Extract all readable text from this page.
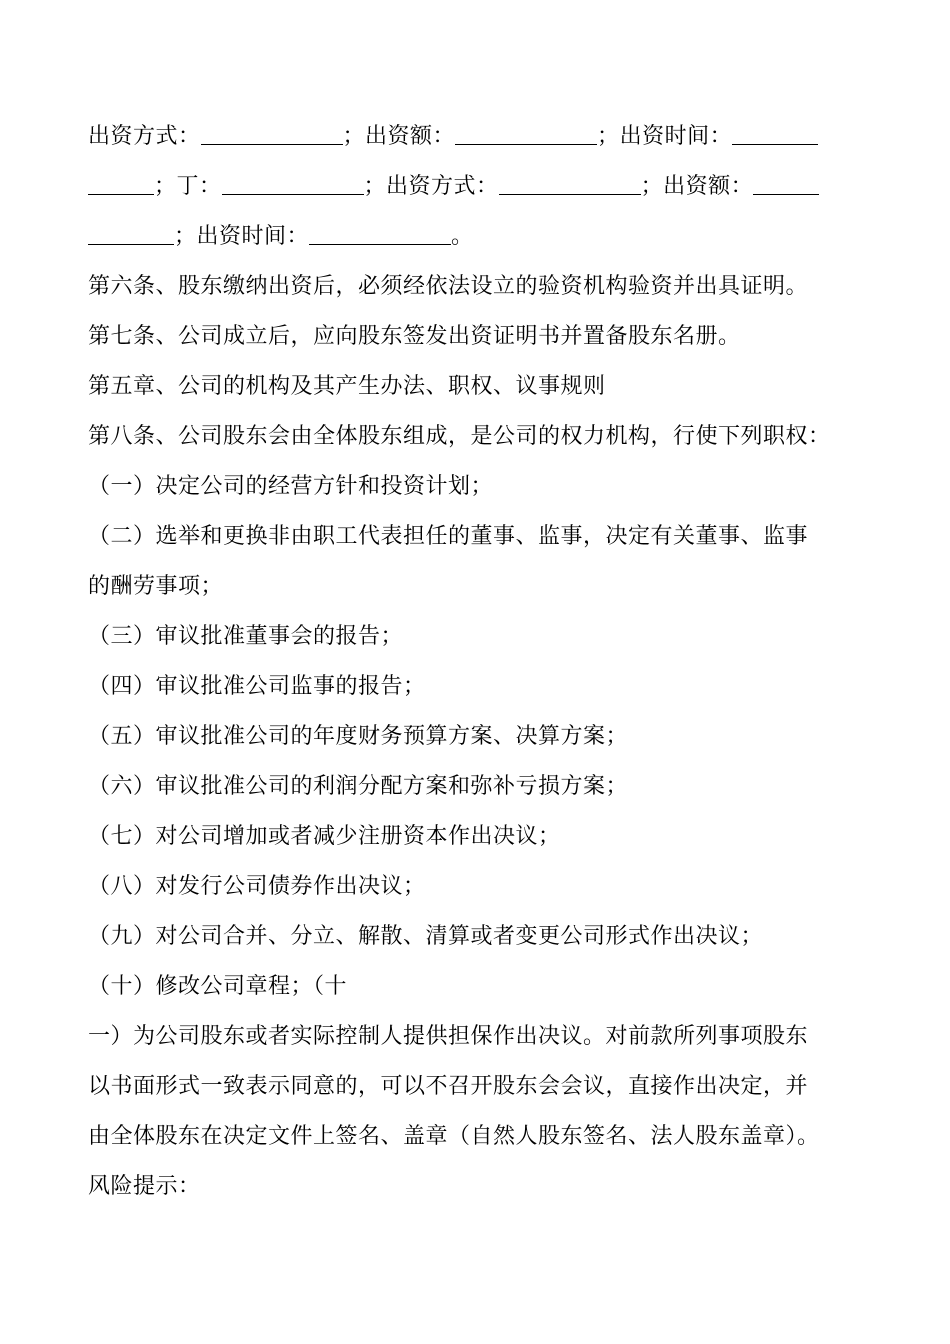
出资方式：	；出资额：	；出资时间：
；丁：	；出资方式：	；出资额：
；出资时间：	。
第六条、股东缴纳出资后，必须经依法设立的验资机构验资并出具证明。
第七条、公司成立后，应向股东签发出资证明书并置备股东名册。
第五章、公司的机构及其产生办法、职权、议事规则
第八条、公司股东会由全体股东组成，是公司的权力机构，行使下列职权：
（一）决定公司的经营方针和投资计划；
（二）选举和更换非由职工代表担任的董事、监事，决定有关董事、监事
的酬劳事项；
（三）审议批准董事会的报告；
（四）审议批准公司监事的报告；
（五）审议批准公司的年度财务预算方案、决算方案；
（六）审议批准公司的利润分配方案和弥补亏损方案；
（七）对公司增加或者减少注册资本作出决议；
（八）对发行公司债券作出决议；
（九）对公司合并、分立、解散、清算或者变更公司形式作出决议；
（十）修改公司章程；（十
一）为公司股东或者实际控制人提供担保作出决议。对前款所列事项股东
以书面形式一致表示同意的，可以不召开股东会会议，直接作出决定，并
由全体股东在决定文件上签名、盖章（自然人股东签名、法人股东盖章）。
风险提示：
